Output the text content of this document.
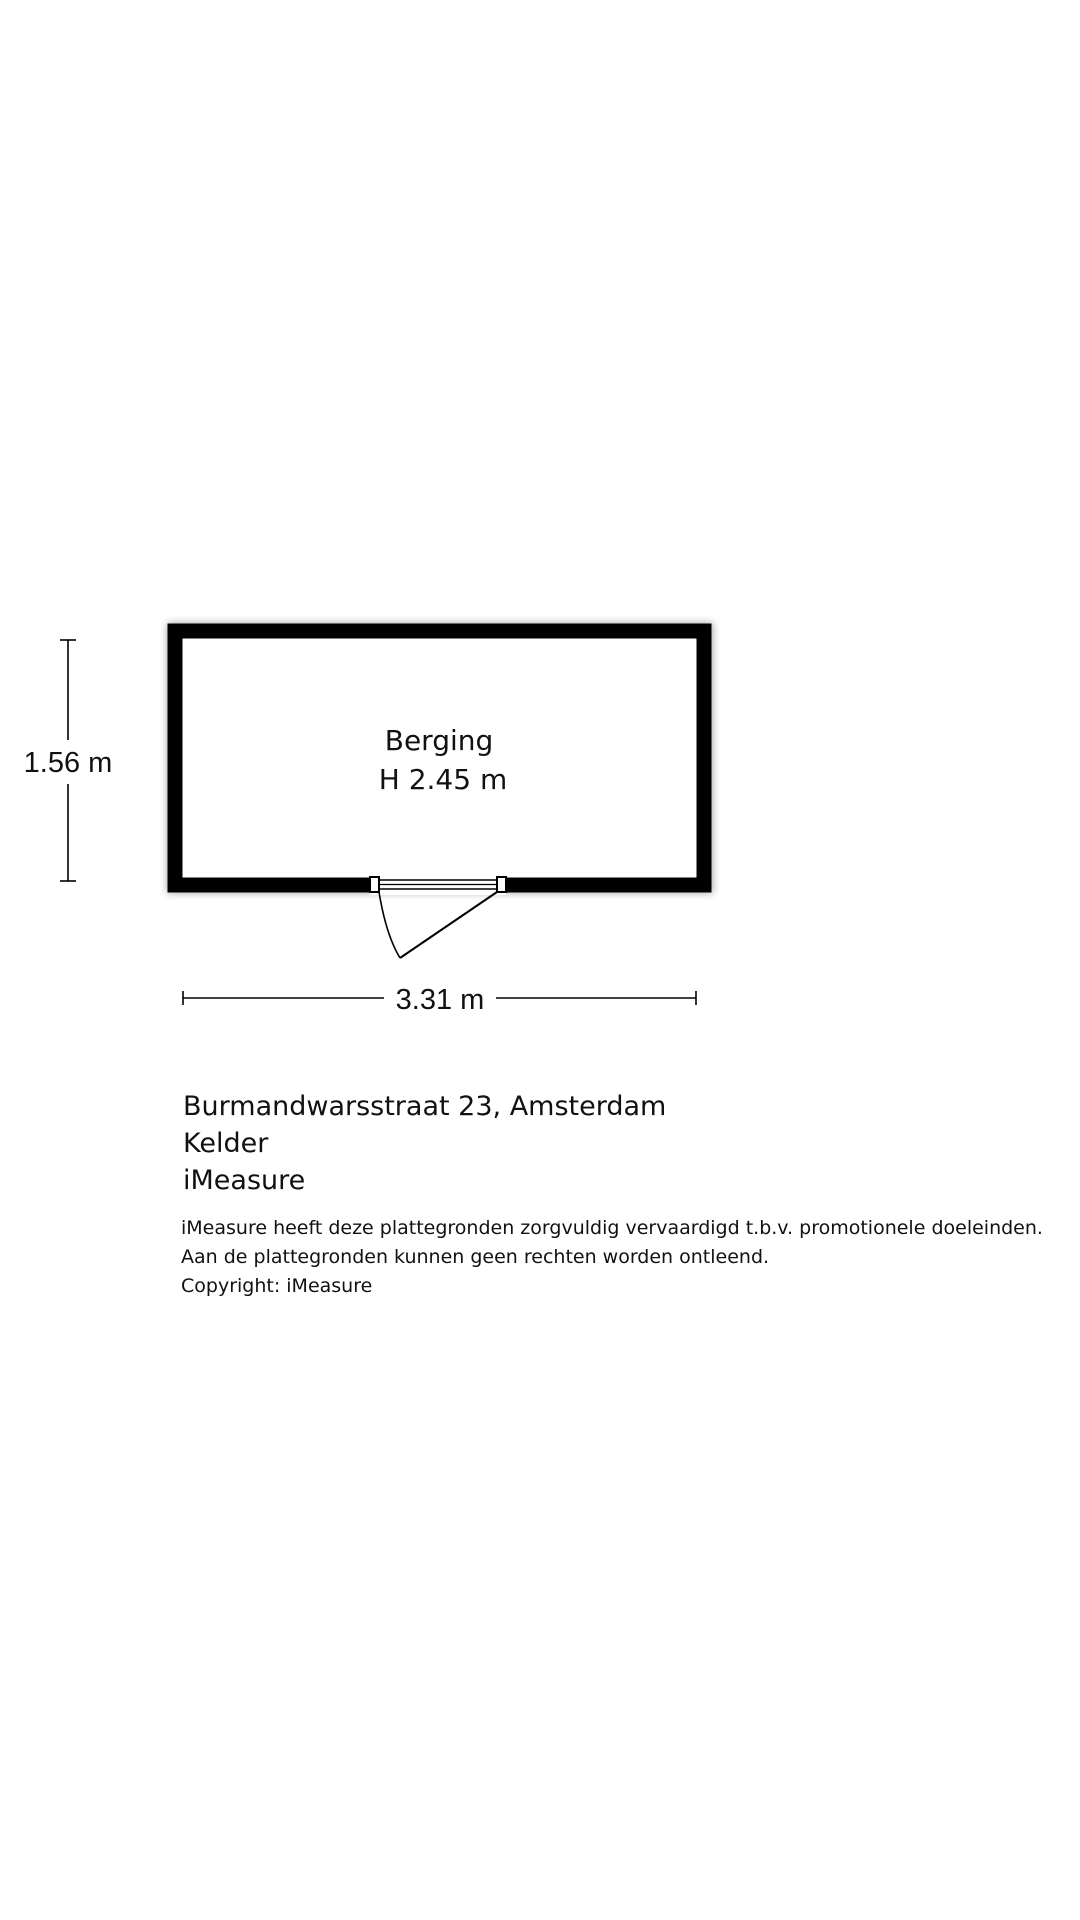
Berging
H 2.45 m
1.56 m
3.31 m
Burmandwarsstraat 23, Amsterdam
Kelder
iMeasure
iMeasure heeft deze plattegronden zorgvuldig vervaardigd t.b.v. promotionele doeleinden.
Aan de plattegronden kunnen geen rechten worden ontleend.
Copyright: iMeasure
